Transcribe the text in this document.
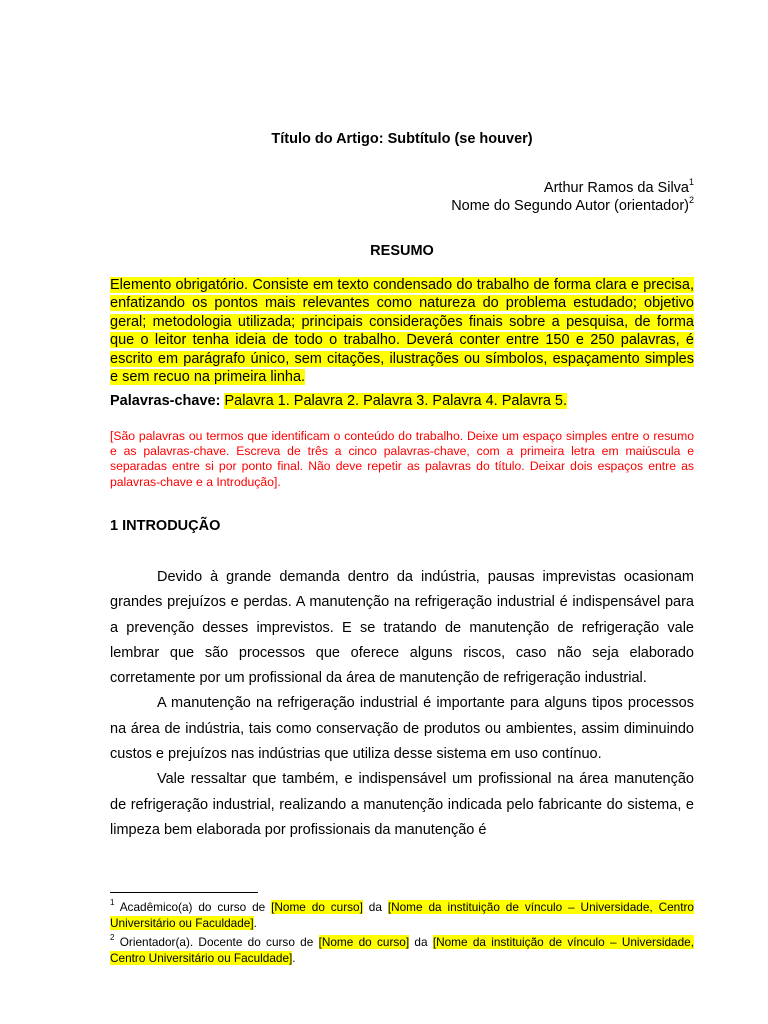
Título do Artigo: Subtítulo (se houver)
Arthur Ramos da Silva$^1$
Nome do Segundo Autor (orientador)$^2$
RESUMO
Elemento obrigatório. Consiste em texto condensado do trabalho de forma clara e precisa, enfatizando os pontos mais relevantes como natureza do problema estudado; objetivo geral; metodologia utilizada; principais considerações finais sobre a pesquisa, de forma que o leitor tenha ideia de todo o trabalho. Deverá conter entre 150 e 250 palavras, é escrito em parágrafo único, sem citações, ilustrações ou símbolos, espaçamento simples e sem recuo na primeira linha.
Palavras-chave: Palavra 1. Palavra 2. Palavra 3. Palavra 4. Palavra 5.
[São palavras ou termos que identificam o conteúdo do trabalho. Deixe um espaço simples entre o resumo e as palavras-chave. Escreva de três a cinco palavras-chave, com a primeira letra em maiúscula e separadas entre si por ponto final. Não deve repetir as palavras do título. Deixar dois espaços entre as palavras-chave e a Introdução].
1 INTRODUÇÃO

Devido à grande demanda dentro da indústria, pausas imprevistas ocasionam grandes prejuízos e perdas. A manutenção na refrigeração industrial é indispensável para a prevenção desses imprevistos. E se tratando de manutenção de refrigeração vale lembrar que são processos que oferece alguns riscos, caso não seja elaborado corretamente por um profissional da área de manutenção de refrigeração industrial.

A manutenção na refrigeração industrial é importante para alguns tipos processos na área de indústria, tais como conservação de produtos ou ambientes, assim diminuindo custos e prejuízos nas indústrias que utiliza desse sistema em uso contínuo.

Vale ressaltar que também, e indispensável um profissional na área manutenção de refrigeração industrial, realizando a manutenção indicada pelo fabricante do sistema, e limpeza bem elaborada por profissionais da manutenção é

$^1$ Acadêmico(a) do curso de [Nome do curso] da [Nome da instituição de vínculo – Universidade, Centro Universitário ou Faculdade].
$^2$ Orientador(a). Docente do curso de [Nome do curso] da [Nome da instituição de vínculo – Universidade, Centro Universitário ou Faculdade].
